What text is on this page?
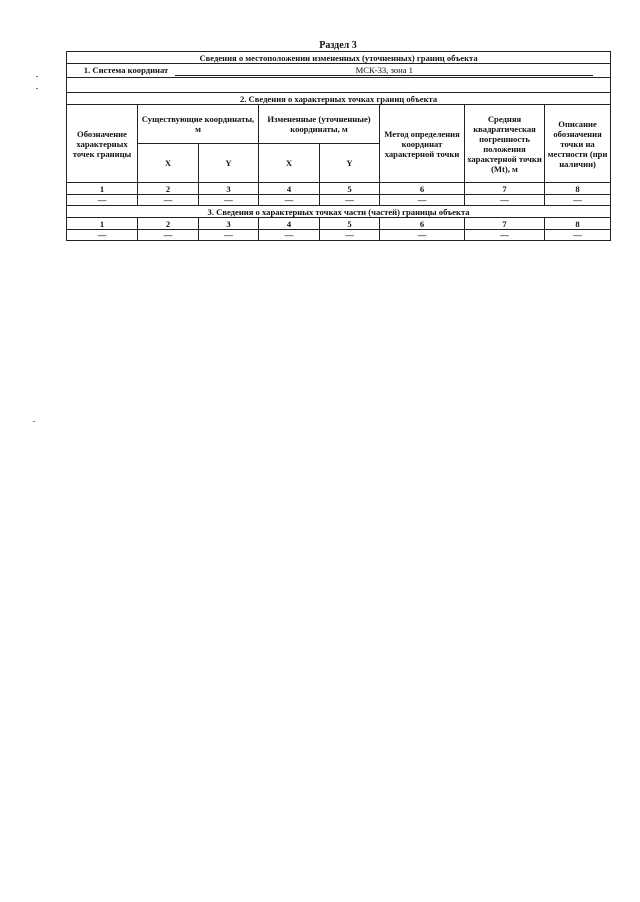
Раздел 3
Сведения о местоположении измененных (уточненных) границ объекта							
1. Система координат МСК-33, зона 1							

2. Сведения о характерных точках границ объекта							
Обозначение характерных точек границы	Существующие координаты, м		Измененные (уточненные) координаты, м		Метод определения координат характерной точки	Средняя квадратическая погрешность положения характерной точки (Mt), м	Описание обозначения точки на местности (при наличии)
	X	Y	X	Y			
1	2	3	4	5	6	7	8
—	—	—	—	—	—	—	—
3. Сведения о характерных точках части (частей) границы объекта							
1	2	3	4	5	6	7	8
—	—	—	—	—	—	—	—
